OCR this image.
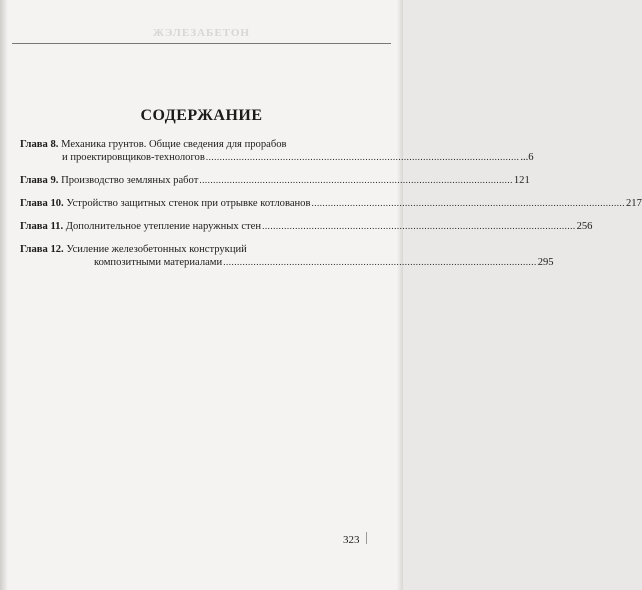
ЖЭЛЕЗАБЕТОН
СОДЕРЖАНИЕ
Глава 8.
Механика грунтов. Общие сведения для прорабов
и проектировщиков-технологов .................................................................................................................. ...6
Глава 9.
Производство земляных работ .................................................................................................................. 121
Глава 10.
Устройство защитных стенок при отрывке котлованов .................................................................................................................. 217
Глава 11.
Дополнительное утепление наружных стен .................................................................................................................. 256
Глава 12.
Усиление железобетонных конструкций
композитными материалами .................................................................................................................. 295
323
